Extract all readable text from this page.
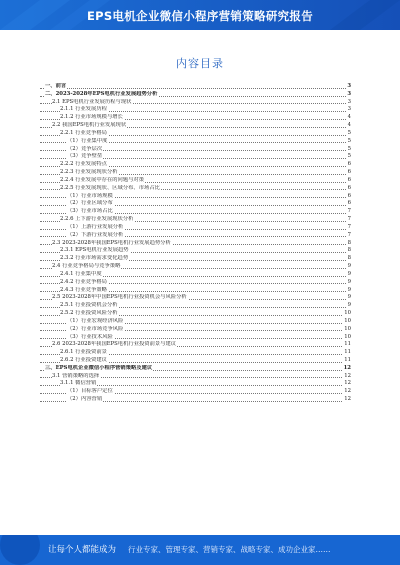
EPS电机企业微信小程序营销策略研究报告
内容目录
一、前言	3
二、2023-2028年EPS电机行业发展趋势分析	3
2.1 EPS电机行业发展历程与现状	3
2.1.1 行业发展历程	3
2.1.2 行业市场规模与增长	4
2.2 我国EPS电机行业发展现状	4
2.2.1 行业竞争格局	5
（1）行业集中度	5
（2）竞争层次	5
（3）竞争壁垒	5
2.2.2 行业发展特点	6
2.2.3 行业发展现状分析	6
2.2.4 行业发展中存在的问题与对策	6
2.2.5 行业发展现状、区域分布、市场占比	6
（1）行业市场规模	6
（2）行业区域分布	6
（3）行业市场占比	7
2.2.6 上下游行业发展现状分析	7
（1）上游行业发展分析	7
（2）下游行业发展分析	7
2.3 2023-2028年我国EPS电机行业发展趋势分析	8
2.3.1 EPS电机行业发展趋势	8
2.3.2 行业市场需求变化趋势	8
2.4 行业竞争格局与竞争策略	9
2.4.1 行业集中度	9
2.4.2 行业竞争格局	9
2.4.3 行业竞争策略	9
2.5 2023-2028年中国EPS电机行业投资机会与风险分析	9
2.5.1 行业投资机会分析	9
2.5.2 行业投资风险分析	10
（1）行业宏观经济风险	10
（2）行业市场竞争风险	10
（3）行业技术风险	10
2.6 2023-2028年我国EPS电机行业投资前景与建议	11
2.6.1 行业投资前景	11
2.6.2 行业投资建议	11
三、EPS电机企业微信小程序营销策略及建议	12
3.1 营销策略的选择	12
3.1.1 微信营销	12
（1）目标客户定位	12
（2）内容营销	12
让每个人都能成为 行业专家、管理专家、营销专家、战略专家、成功企业家……
